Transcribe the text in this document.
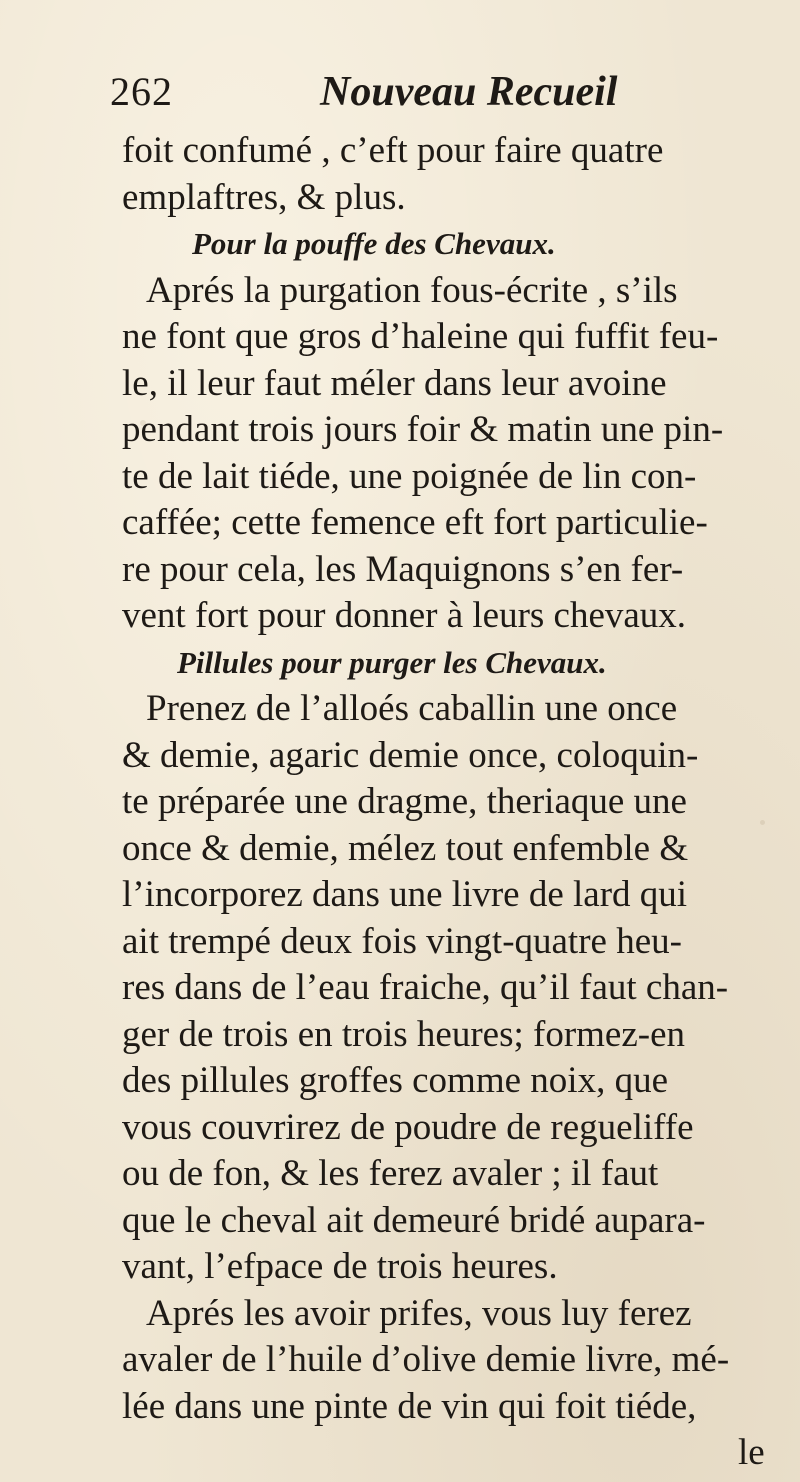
262	Nouveau Recueil
foit confumé , c’eft pour faire quatre
emplaftres, & plus.
Pour la pouffe des Chevaux.
Aprés la purgation fous-écrite , s’ils
ne font que gros d’haleine qui fuffit feu-
le, il leur faut méler dans leur avoine
pendant trois jours foir & matin une pin-
te de lait tiéde, une poignée de lin con-
caffée; cette femence eft fort particulie-
re pour cela, les Maquignons s’en fer-
vent fort pour donner à leurs chevaux.
Pillules pour purger les Chevaux.
Prenez de l’alloés caballin une once
& demie, agaric demie once, coloquin-
te préparée une dragme, theriaque une
once & demie, mélez tout enfemble &
l’incorporez dans une livre de lard qui
ait trempé deux fois vingt-quatre heu-
res dans de l’eau fraiche, qu’il faut chan-
ger de trois en trois heures; formez-en
des pillules groffes comme noix, que
vous couvrirez de poudre de regueliffe
ou de fon, & les ferez avaler ; il faut
que le cheval ait demeuré bridé aupara-
vant, l’efpace de trois heures.
Aprés les avoir prifes, vous luy ferez
avaler de l’huile d’olive demie livre, mé-
lée dans une pinte de vin qui foit tiéde,
le
